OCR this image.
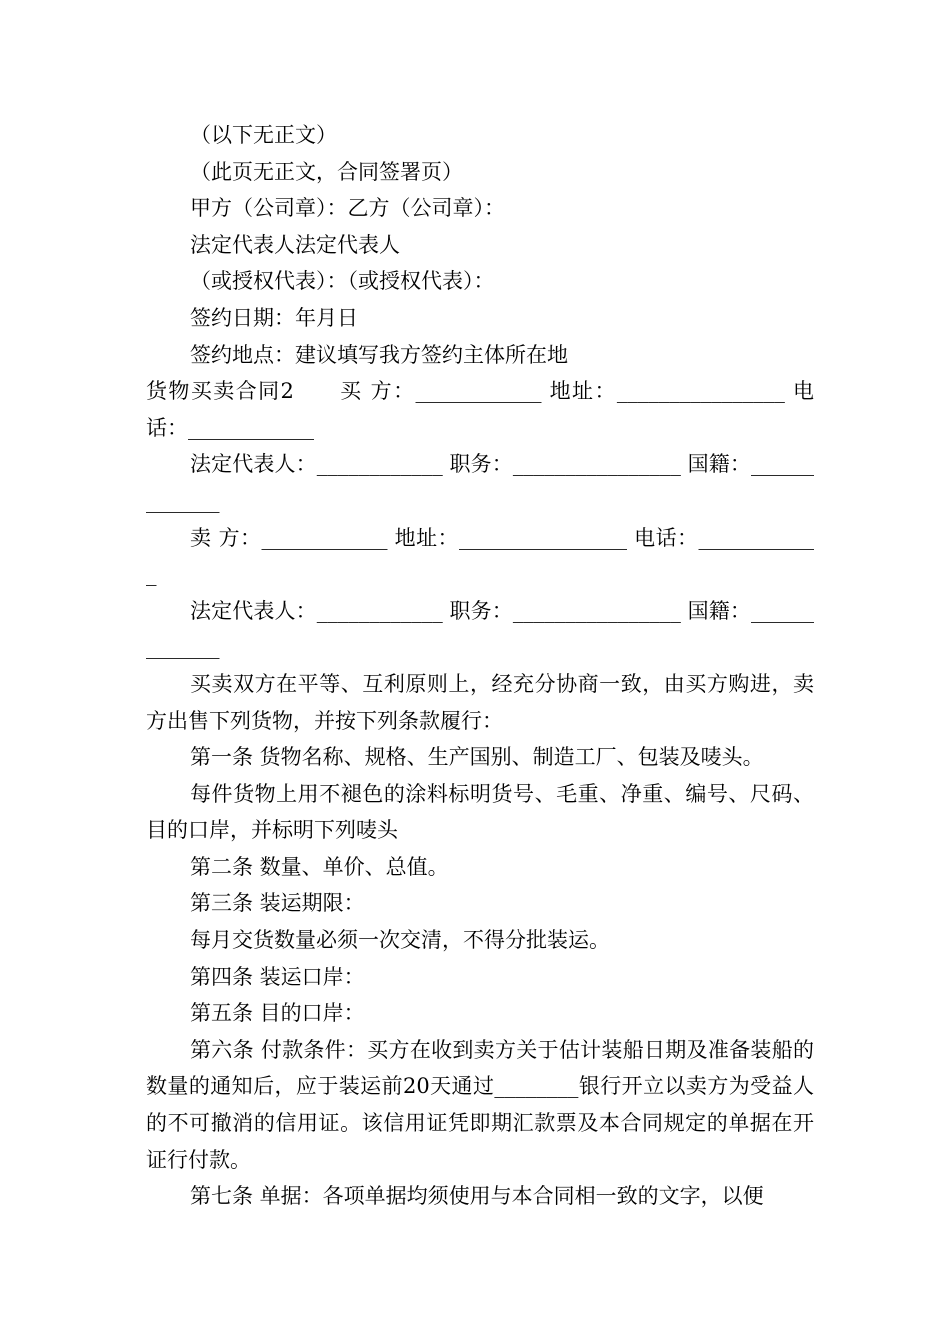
（以下无正文）

（此页无正文，合同签署页）

甲方（公司章）：乙方（公司章）：

法定代表人法定代表人

（或授权代表）：（或授权代表）：

签约日期：年月日

签约地点：建议填写我方签约主体所在地

货物买卖合同2　　买 方：____________ 地址：________________ 电话：____________

法定代表人：____________ 职务：________________ 国籍：_____________

卖 方：____________ 地址：________________ 电话：____________

法定代表人：____________ 职务：________________ 国籍：_____________

买卖双方在平等、互利原则上，经充分协商一致，由买方购进，卖方出售下列货物，并按下列条款履行：

第一条 货物名称、规格、生产国别、制造工厂、包装及唛头。

每件货物上用不褪色的涂料标明货号、毛重、净重、编号、尺码、目的口岸，并标明下列唛头

第二条 数量、单价、总值。

第三条 装运期限：

每月交货数量必须一次交清，不得分批装运。

第四条 装运口岸：

第五条 目的口岸：

第六条 付款条件：买方在收到卖方关于估计装船日期及准备装船的数量的通知后，应于装运前20天通过________银行开立以卖方为受益人的不可撤消的信用证。该信用证凭即期汇款票及本合同规定的单据在开证行付款。

第七条 单据：各项单据均须使用与本合同相一致的文字，以便
